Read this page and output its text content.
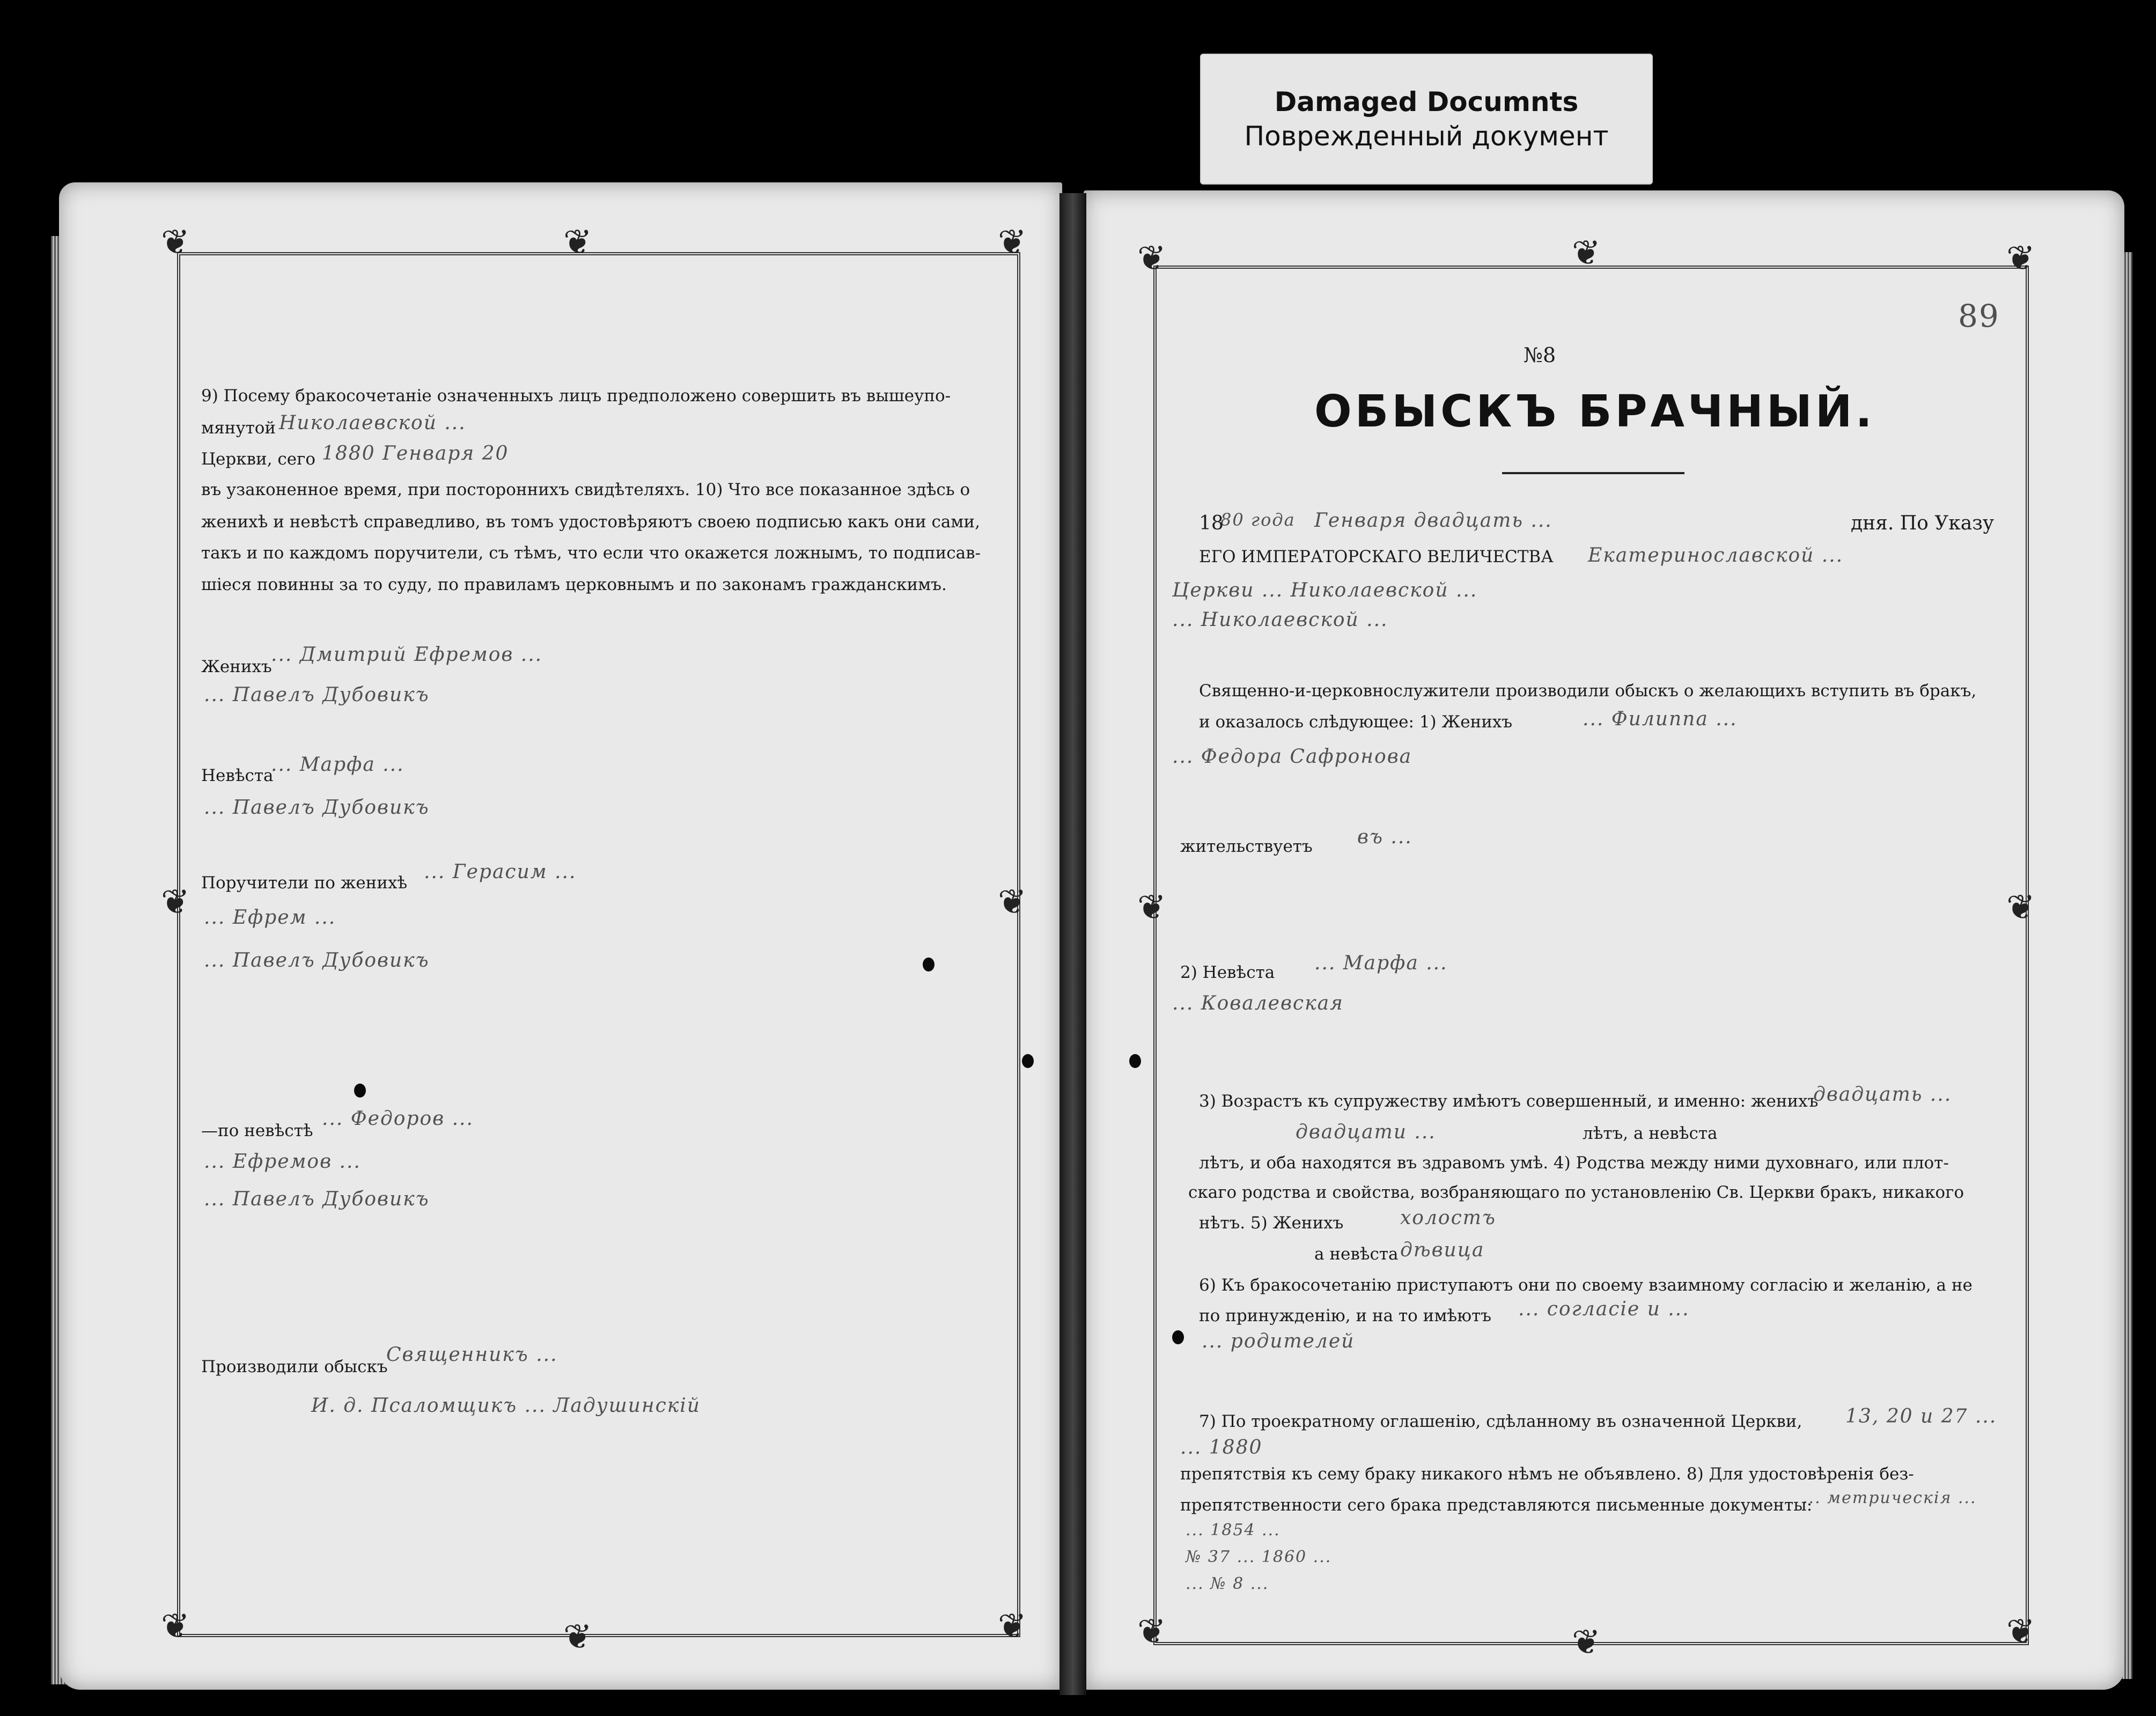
Damaged Documnts
Поврежденный документ
❦	❦	❦
❦	❦	❦
❦	❦
❦	❦	❦
❦	❦	❦
❦	❦
9) Посему бракосочетаніе означенныхъ лицъ предположено совершить въ вышеупо-
мянутой
Церкви, сего
въ узаконенное время, при постороннихъ свидѣтеляхъ. 10) Что все показанное здѣсь о
женихѣ и невѣстѣ справедливо, въ томъ удостовѣряютъ своею подписью какъ они сами,
такъ и по каждомъ поручители, съ тѣмъ, что если что окажется ложнымъ, то подписав-
шіеся повинны за то суду, по правиламъ церковнымъ и по законамъ гражданскимъ.
Николаевской ...
1880 Генваря 20
Женихъ
... Дмитрий Ефремов ...
... Павелъ Дубовикъ
Невѣста
... Марфа ...
... Павелъ Дубовикъ
Поручители по женихѣ ... Герасим ...
... Ефрем ...
... Павелъ Дубовикъ
—по невѣстѣ
... Федоров ...
... Ефремов ...
... Павелъ Дубовикъ
Производили обыскъ
Священникъ ...
И. д. Псаломщикъ ... Ладушинскій
89
№8
ОБЫСКЪ БРАЧНЫЙ.
18
80 года Генваря двадцать ...	дня. По Указу
ЕГО ИМПЕРАТОРСКАГО ВЕЛИЧЕСТВА Екатеринославской ...
Церкви ... Николаевской ...
... Николаевской ...
Священно-и-церковнослужители производили обыскъ о желающихъ вступить въ бракъ,
и оказалось слѣдующее: 1) Женихъ	... Филиппа ...
... Федора Сафронова
жительствуетъ въ ...
2) Невѣста ... Марфа ...
... Ковалевская
3) Возрастъ къ супружеству имѣютъ совершенный, и именно: женихъ
двадцать ...
двадцати ...	лѣтъ, а невѣста
лѣтъ, и оба находятся въ здравомъ умѣ. 4) Родства между ними духовнаго, или плот-
скаго родства и свойства, возбраняющаго по установленію Св. Церкви бракъ, никакого
нѣтъ. 5) Женихъ	холостъ
а невѣста дѣвица
6) Къ бракосочетанію приступаютъ они по своему взаимному согласію и желанію, а не
по принужденію, и на то имѣютъ ... согласіе и ...
... родителей
7) По троекратному оглашенію, сдѣланному въ означенной Церкви, 13, 20 и 27 ...
... 1880
препятствія къ сему браку никакого нѣмъ не объявлено. 8) Для удостовѣренія без-
препятственности сего брака представляются письменные документы:
... метрическія ...
... 1854 ...
№ 37 ... 1860 ...
... № 8 ...
